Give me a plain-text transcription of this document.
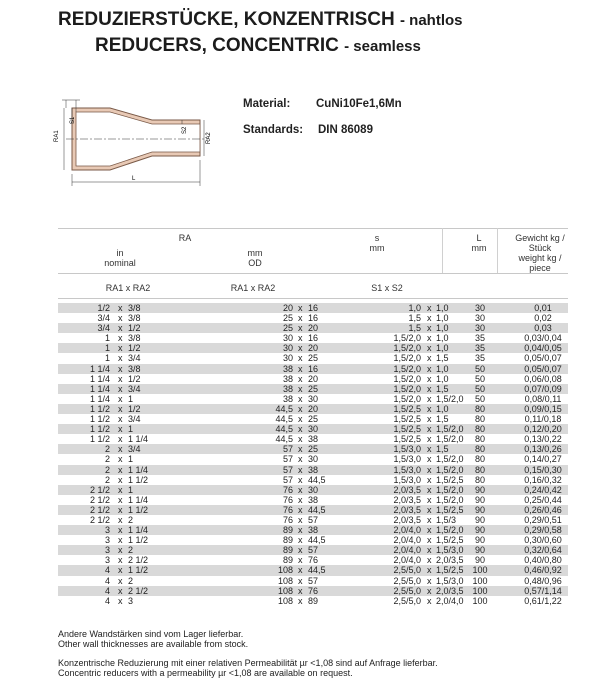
REDUZIERSTÜCKE, KONZENTRISCH - nahtlos
REDUCERS, CONCENTRIC - seamless
RA1
S1
S2
RA2
L
Material: CuNi10Fe1,6Mn
Standards: DIN 86089
RA
in
nominal
mm
OD
s
mm
L
mm
Gewicht kg /
Stück
weight kg /
piece
RA1 x RA2	RA1 x RA2	S1 x S2
1/2 x 3/8	20 x 16	1,0 x 1,0	30	0,01
3/4 x 3/8	25 x 16	1,5 x 1,0	30	0,02
3/4 x 1/2	25 x 20	1,5 x 1,0	30	0,03
1 x 3/8	30 x 16	1,5/2,0 x 1,0	35	0,03/0,04
1 x 1/2	30 x 20	1,5/2,0 x 1,0	35	0,04/0,05
1 x 3/4	30 x 25	1,5/2,0 x 1,5	35	0,05/0,07
1 1/4 x 3/8	38 x 16	1,5/2,0 x 1,0	50	0,05/0,07
1 1/4 x 1/2	38 x 20	1,5/2,0 x 1,0	50	0,06/0,08
1 1/4 x 3/4	38 x 25	1,5/2,0 x 1,5	50	0,07/0,09
1 1/4 x 1	38 x 30	1,5/2,0 x 1,5/2,0	50	0,08/0,11
1 1/2 x 1/2	44,5 x 20	1,5/2,5 x 1,0	80	0,09/0,15
1 1/2 x 3/4	44,5 x 25	1,5/2,5 x 1,5	80	0,11/0,18
1 1/2 x 1	44,5 x 30	1,5/2,5 x 1,5/2,0	80	0,12/0,20
1 1/2 x 1 1/4	44,5 x 38	1,5/2,5 x 1,5/2,0	80	0,13/0,22
2 x 3/4	57 x 25	1,5/3,0 x 1,5	80	0,13/0,26
2 x 1	57 x 30	1,5/3,0 x 1,5/2,0	80	0,14/0,27
2 x 1 1/4	57 x 38	1,5/3,0 x 1,5/2,0	80	0,15/0,30
2 x 1 1/2	57 x 44,5	1,5/3,0 x 1,5/2,5	80	0,16/0,32
2 1/2 x 1	76 x 30	2,0/3,5 x 1,5/2,0	90	0,24/0,42
2 1/2 x 1 1/4	76 x 38	2,0/3,5 x 1,5/2,0	90	0,25/0,44
2 1/2 x 1 1/2	76 x 44,5	2,0/3,5 x 1,5/2,5	90	0,26/0,46
2 1/2 x 2	76 x 57	2,0/3,5 x 1,5/3	90	0,29/0,51
3 x 1 1/4	89 x 38	2,0/4,0 x 1,5/2,0	90	0,29/0,58
3 x 1 1/2	89 x 44,5	2,0/4,0 x 1,5/2,5	90	0,30/0,60
3 x 2	89 x 57	2,0/4,0 x 1,5/3,0	90	0,32/0,64
3 x 2 1/2	89 x 76	2,0/4,0 x 2,0/3,5	90	0,40/0,80
4 x 1 1/2	108 x 44,5	2,5/5,0 x 1,5/2,5 100	0,46/0,92
4 x 2	108 x 57	2,5/5,0 x 1,5/3,0 100	0,48/0,96
4 x 2 1/2	108 x 76	2,5/5,0 x 2,0/3,5 100	0,57/1,14
4 x 3	108 x 89	2,5/5,0 x 2,0/4,0 100	0,61/1,22
Andere Wandstärken sind vom Lager lieferbar.
Other wall thicknesses are available from stock.
Konzentrische Reduzierung mit einer relativen Permeabilität µr <1,08 sind auf Anfrage lieferbar.
Concentric reducers with a permeability µr <1,08 are available on request.
